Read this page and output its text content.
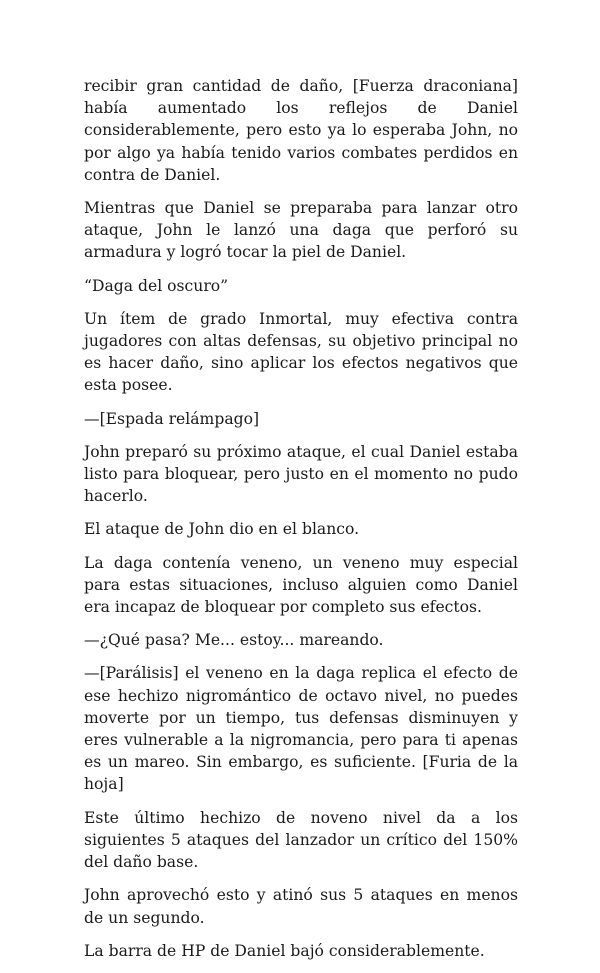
recibir gran cantidad de daño, [Fuerza draconiana] había aumentado los reflejos de Daniel considerablemente, pero esto ya lo esperaba John, no por algo ya había tenido varios combates perdidos en contra de Daniel.

Mientras que Daniel se preparaba para lanzar otro ataque, John le lanzó una daga que perforó su armadura y logró tocar la piel de Daniel.

“Daga del oscuro”

Un ítem de grado Inmortal, muy efectiva contra jugadores con altas defensas, su objetivo principal no es hacer daño, sino aplicar los efectos negativos que esta posee.

—[Espada relámpago]

John preparó su próximo ataque, el cual Daniel estaba listo para bloquear, pero justo en el momento no pudo hacerlo.

El ataque de John dio en el blanco.

La daga contenía veneno, un veneno muy especial para estas situaciones, incluso alguien como Daniel era incapaz de bloquear por completo sus efectos.

—¿Qué pasa? Me... estoy... mareando.

—[Parálisis] el veneno en la daga replica el efecto de ese hechizo nigromántico de octavo nivel, no puedes moverte por un tiempo, tus defensas disminuyen y eres vulnerable a la nigromancia, pero para ti apenas es un mareo. Sin embargo, es suficiente. [Furia de la hoja]

Este último hechizo de noveno nivel da a los siguientes 5 ataques del lanzador un crítico del 150% del daño base.

John aprovechó esto y atinó sus 5 ataques en menos de un segundo.

La barra de HP de Daniel bajó considerablemente.
